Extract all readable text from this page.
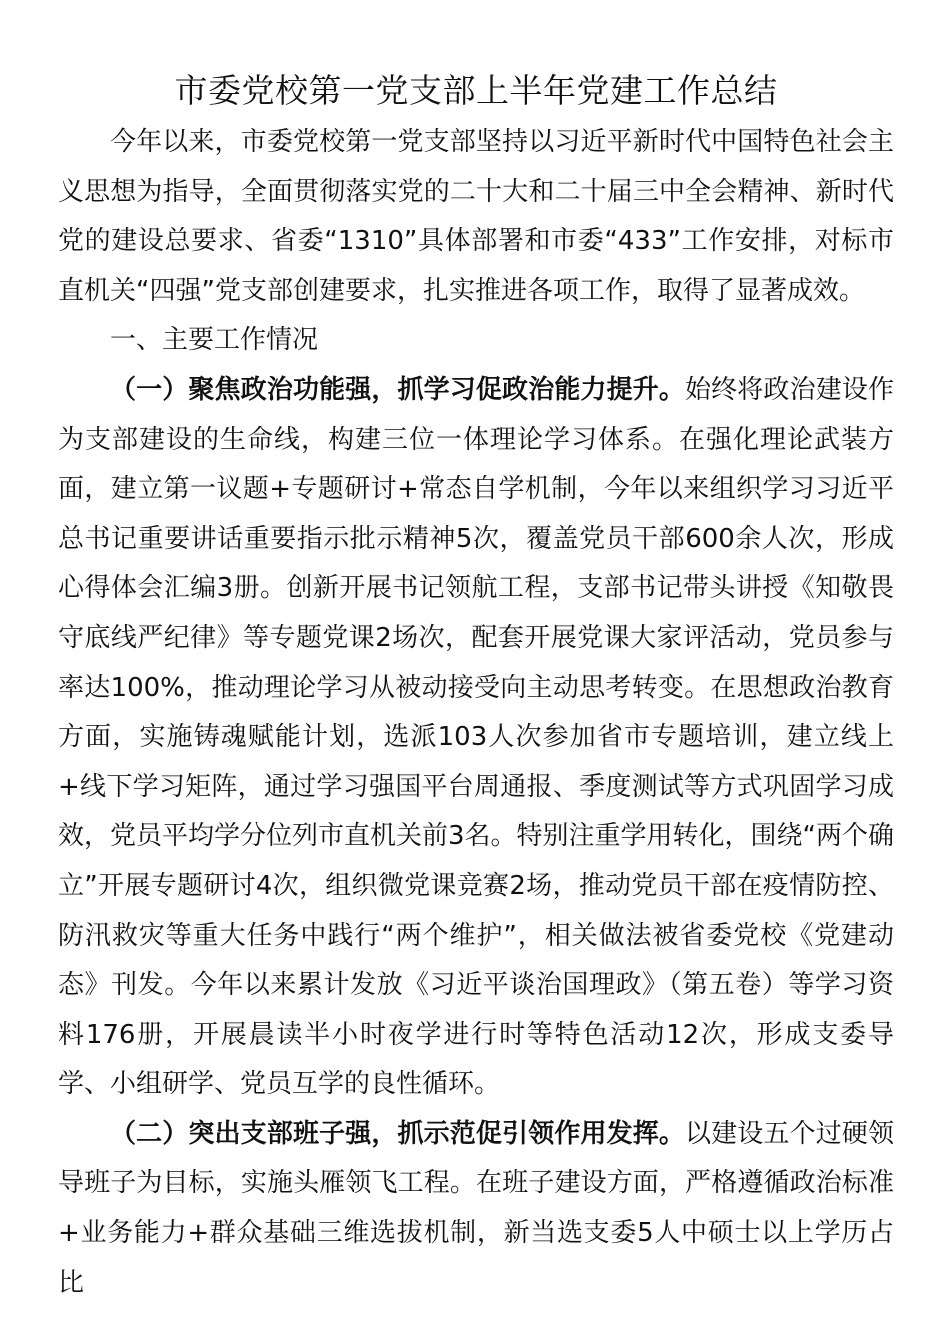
市委党校第一党支部上半年党建工作总结

今年以来，市委党校第一党支部坚持以习近平新时代中国特色社会主义思想为指导，全面贯彻落实党的二十大和二十届三中全会精神、新时代党的建设总要求、省委“1310”具体部署和市委“433”工作安排，对标市直机关“四强”党支部创建要求，扎实推进各项工作，取得了显著成效。

一、主要工作情况

（一）聚焦政治功能强，抓学习促政治能力提升。始终将政治建设作为支部建设的生命线，构建三位一体理论学习体系。在强化理论武装方面，建立第一议题+专题研讨+常态自学机制，今年以来组织学习习近平总书记重要讲话重要指示批示精神5次，覆盖党员干部600余人次，形成心得体会汇编3册。创新开展书记领航工程，支部书记带头讲授《知敬畏守底线严纪律》等专题党课2场次，配套开展党课大家评活动，党员参与率达100%，推动理论学习从被动接受向主动思考转变。在思想政治教育方面，实施铸魂赋能计划，选派103人次参加省市专题培训，建立线上+线下学习矩阵，通过学习强国平台周通报、季度测试等方式巩固学习成效，党员平均学分位列市直机关前3名。特别注重学用转化，围绕“两个确立”开展专题研讨4次，组织微党课竞赛2场，推动党员干部在疫情防控、防汛救灾等重大任务中践行“两个维护”，相关做法被省委党校《党建动态》刊发。今年以来累计发放《习近平谈治国理政》（第五卷）等学习资料176册，开展晨读半小时夜学进行时等特色活动12次，形成支委导学、小组研学、党员互学的良性循环。

（二）突出支部班子强，抓示范促引领作用发挥。以建设五个过硬领导班子为目标，实施头雁领飞工程。在班子建设方面，严格遵循政治标准+业务能力+群众基础三维选拔机制，新当选支委5人中硕士以上学历占比
